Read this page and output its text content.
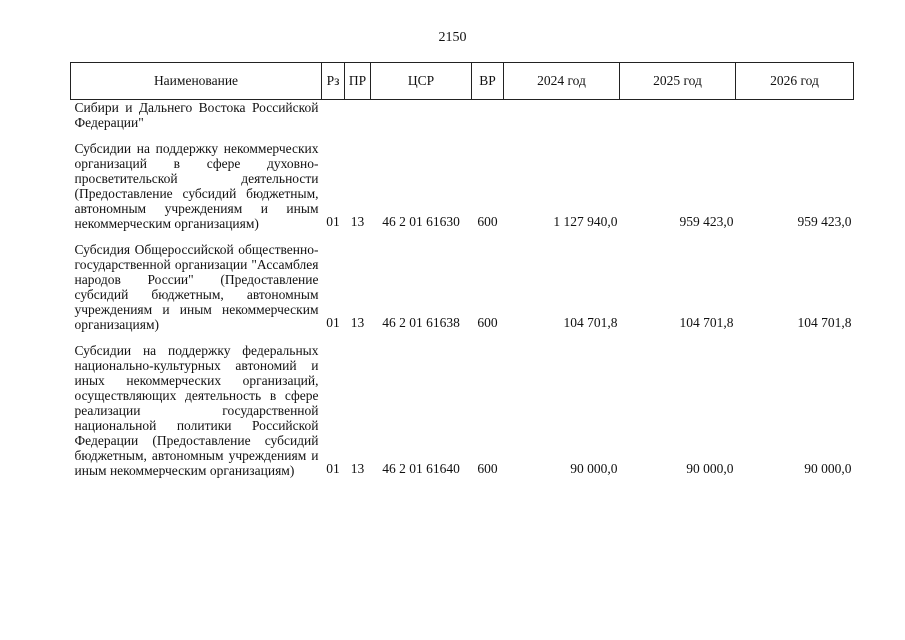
2150
Наименование	Рз	ПР	ЦСР	ВР	2024 год	2025 год	2026 год
Сибири и Дальнего Востока Российской Федерации"							
Субсидии на поддержку некоммерческих организаций в сфере духовно-просветительской деятельности (Предоставление субсидий бюджетным, автономным учреждениям и иным некоммерческим организациям)	01	13	46 2 01 61630	600	1 127 940,0	959 423,0	959 423,0
Субсидия Общероссийской общественно-государственной организации "Ассамблея народов России" (Предоставление субсидий бюджетным, автономным учреждениям и иным некоммерческим организациям)	01	13	46 2 01 61638	600	104 701,8	104 701,8	104 701,8
Субсидии на поддержку федеральных национально-культурных автономий и иных некоммерческих организаций, осуществляющих деятельность в сфере реализации государственной национальной политики Российской Федерации (Предоставление субсидий бюджетным, автономным учреждениям и иным некоммерческим организациям)	01	13	46 2 01 61640	600	90 000,0	90 000,0	90 000,0
